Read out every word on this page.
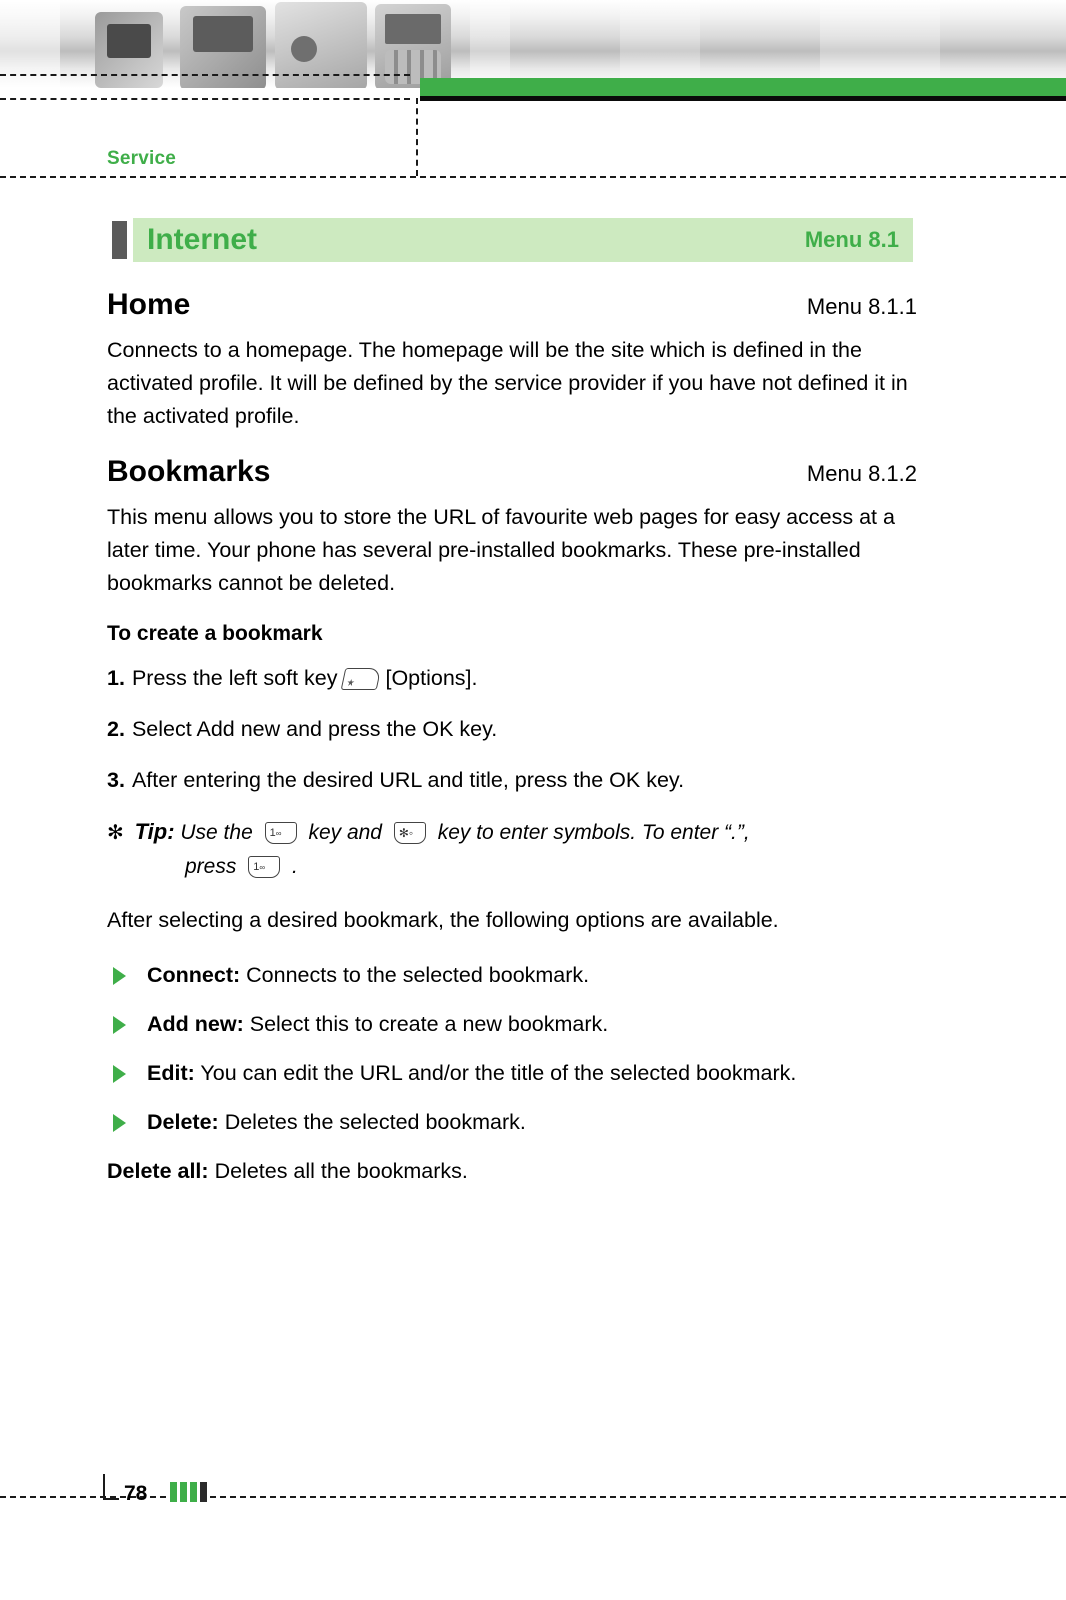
Service
Internet	Menu 8.1
Home	Menu 8.1.1

Connects to a homepage. The homepage will be the site which is defined in the activated profile. It will be defined by the service provider if you have not defined it in the activated profile.

Bookmarks	Menu 8.1.2

This menu allows you to store the URL of favourite web pages for easy access at a later time. Your phone has several pre-installed bookmarks. These pre-installed bookmarks cannot be deleted.

To create a bookmark
1. Press the left soft key [Options].
2. Select Add new and press the OK key.
3. After entering the desired URL and title, press the OK key.
✻ Tip: Use the 1∞ key and ✻◦ key to enter symbols. To enter “.”,
press 1∞ .

After selecting a desired bookmark, the following options are available.

Connect: Connects to the selected bookmark.
Add new: Select this to create a new bookmark.
Edit: You can edit the URL and/or the title of the selected bookmark.
Delete: Deletes the selected bookmark.
Delete all: Deletes all the bookmarks.
78
